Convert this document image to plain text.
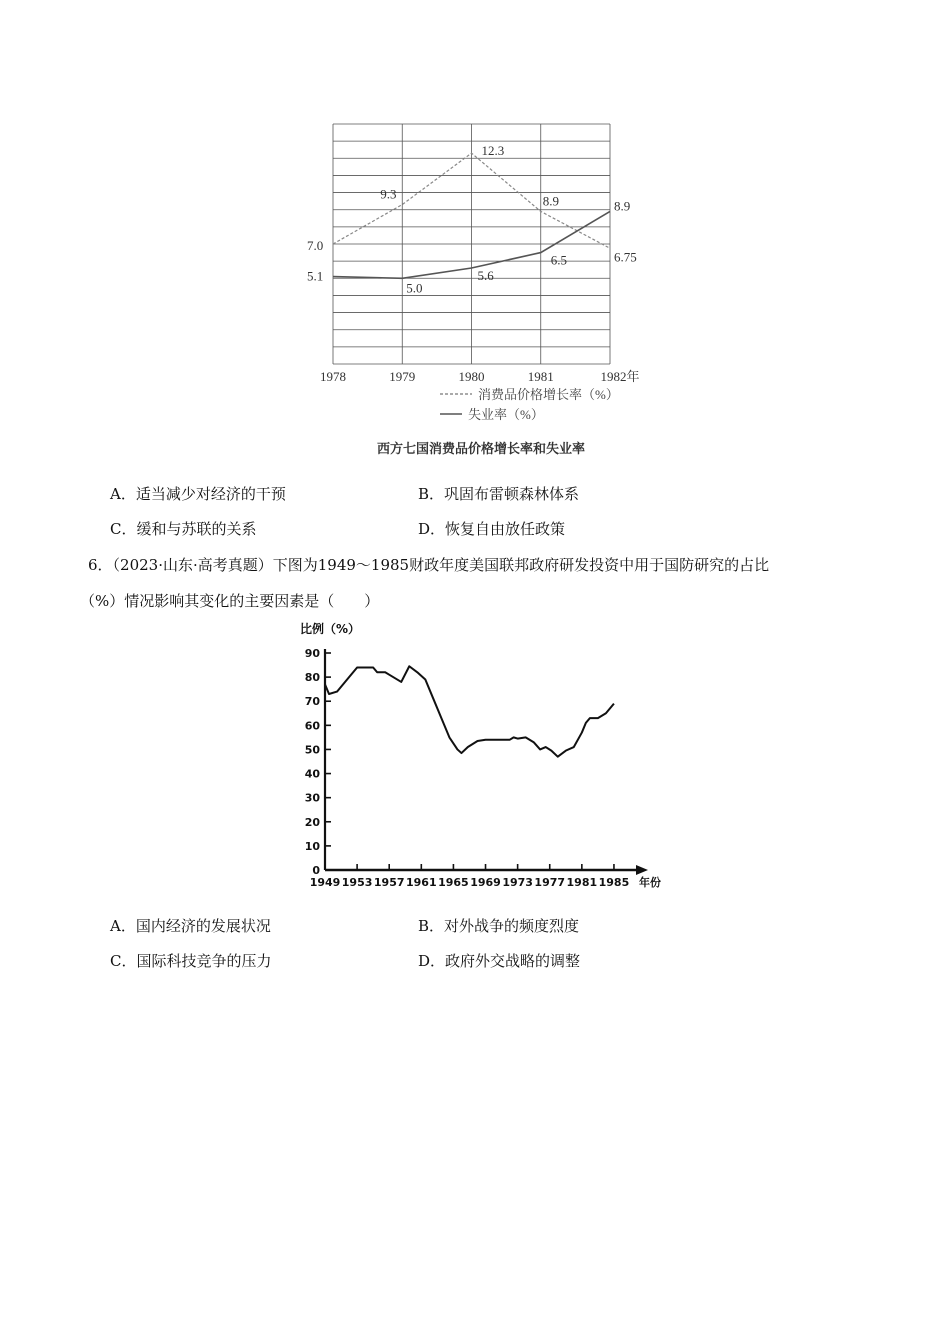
7.0
9.3
12.3
8.9
6.75
5.1
5.0
5.6
6.5
8.9
1978	1979	1980	1981	1982年
消费品价格增长率（%）
失业率（%）
西方七国消费品价格增长率和失业率
A．适当减少对经济的干预	B．巩固布雷顿森林体系
C．缓和与苏联的关系	D．恢复自由放任政策
6．（2023·山东·高考真题）下图为1949～1985财政年度美国联邦政府研发投资中用于国防研究的占比
（%）情况影响其变化的主要因素是（　　）
比例（%）
0
10
20
30
40
50
60
70
80
90
1949 1953 1957 1961 1965 1969 1973 1977 1981 1985 年份
A．国内经济的发展状况	B．对外战争的频度烈度
C．国际科技竞争的压力	D．政府外交战略的调整
